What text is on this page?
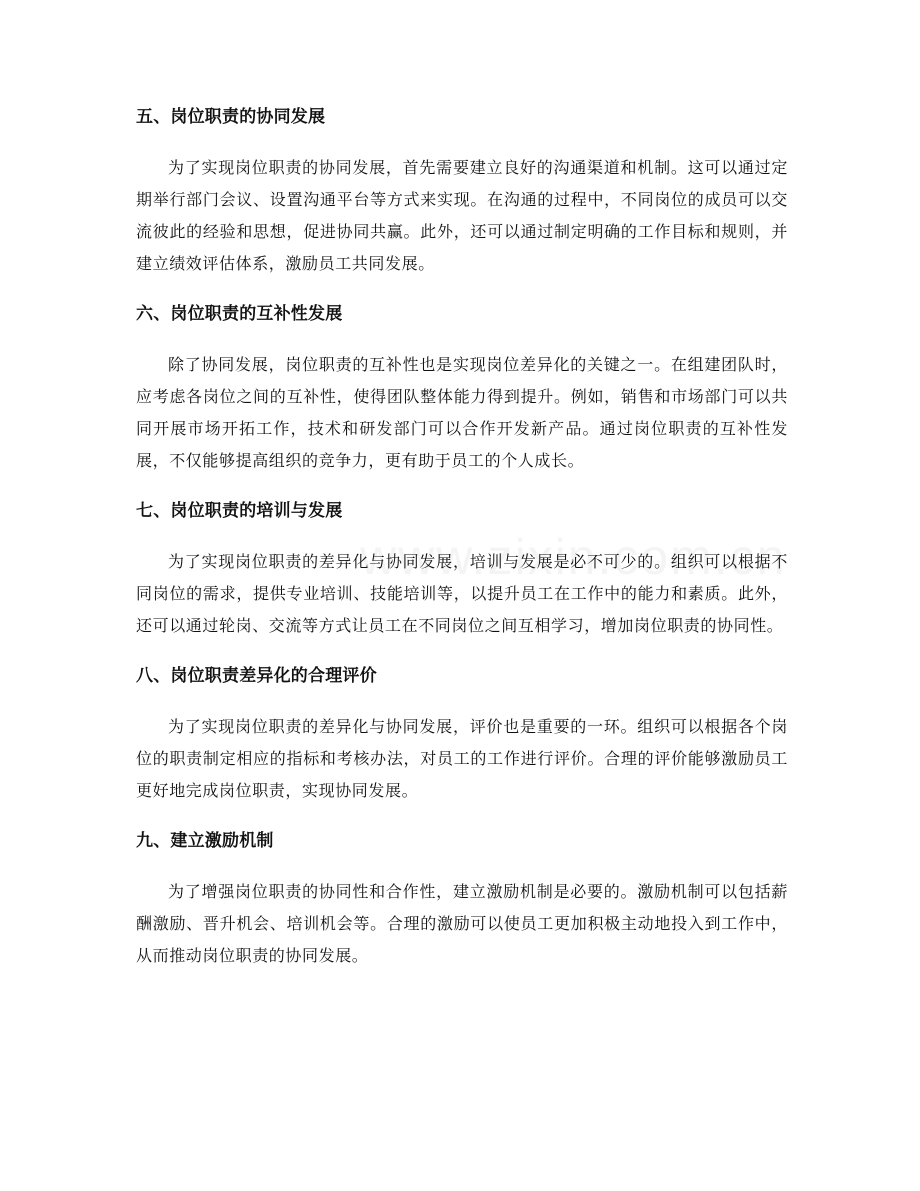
五、岗位职责的协同发展

为了实现岗位职责的协同发展，首先需要建立良好的沟通渠道和机制。这可以通过定期举行部门会议、设置沟通平台等方式来实现。在沟通的过程中，不同岗位的成员可以交流彼此的经验和思想，促进协同共赢。此外，还可以通过制定明确的工作目标和规则，并建立绩效评估体系，激励员工共同发展。

六、岗位职责的互补性发展

除了协同发展，岗位职责的互补性也是实现岗位差异化的关键之一。在组建团队时，应考虑各岗位之间的互补性，使得团队整体能力得到提升。例如，销售和市场部门可以共同开展市场开拓工作，技术和研发部门可以合作开发新产品。通过岗位职责的互补性发展，不仅能够提高组织的竞争力，更有助于员工的个人成长。

七、岗位职责的培训与发展

为了实现岗位职责的差异化与协同发展，培训与发展是必不可少的。组织可以根据不同岗位的需求，提供专业培训、技能培训等，以提升员工在工作中的能力和素质。此外，还可以通过轮岗、交流等方式让员工在不同岗位之间互相学习，增加岗位职责的协同性。

八、岗位职责差异化的合理评价

为了实现岗位职责的差异化与协同发展，评价也是重要的一环。组织可以根据各个岗位的职责制定相应的指标和考核办法，对员工的工作进行评价。合理的评价能够激励员工更好地完成岗位职责，实现协同发展。

九、建立激励机制

为了增强岗位职责的协同性和合作性，建立激励机制是必要的。激励机制可以包括薪酬激励、晋升机会、培训机会等。合理的激励可以使员工更加积极主动地投入到工作中，从而推动岗位职责的协同发展。
